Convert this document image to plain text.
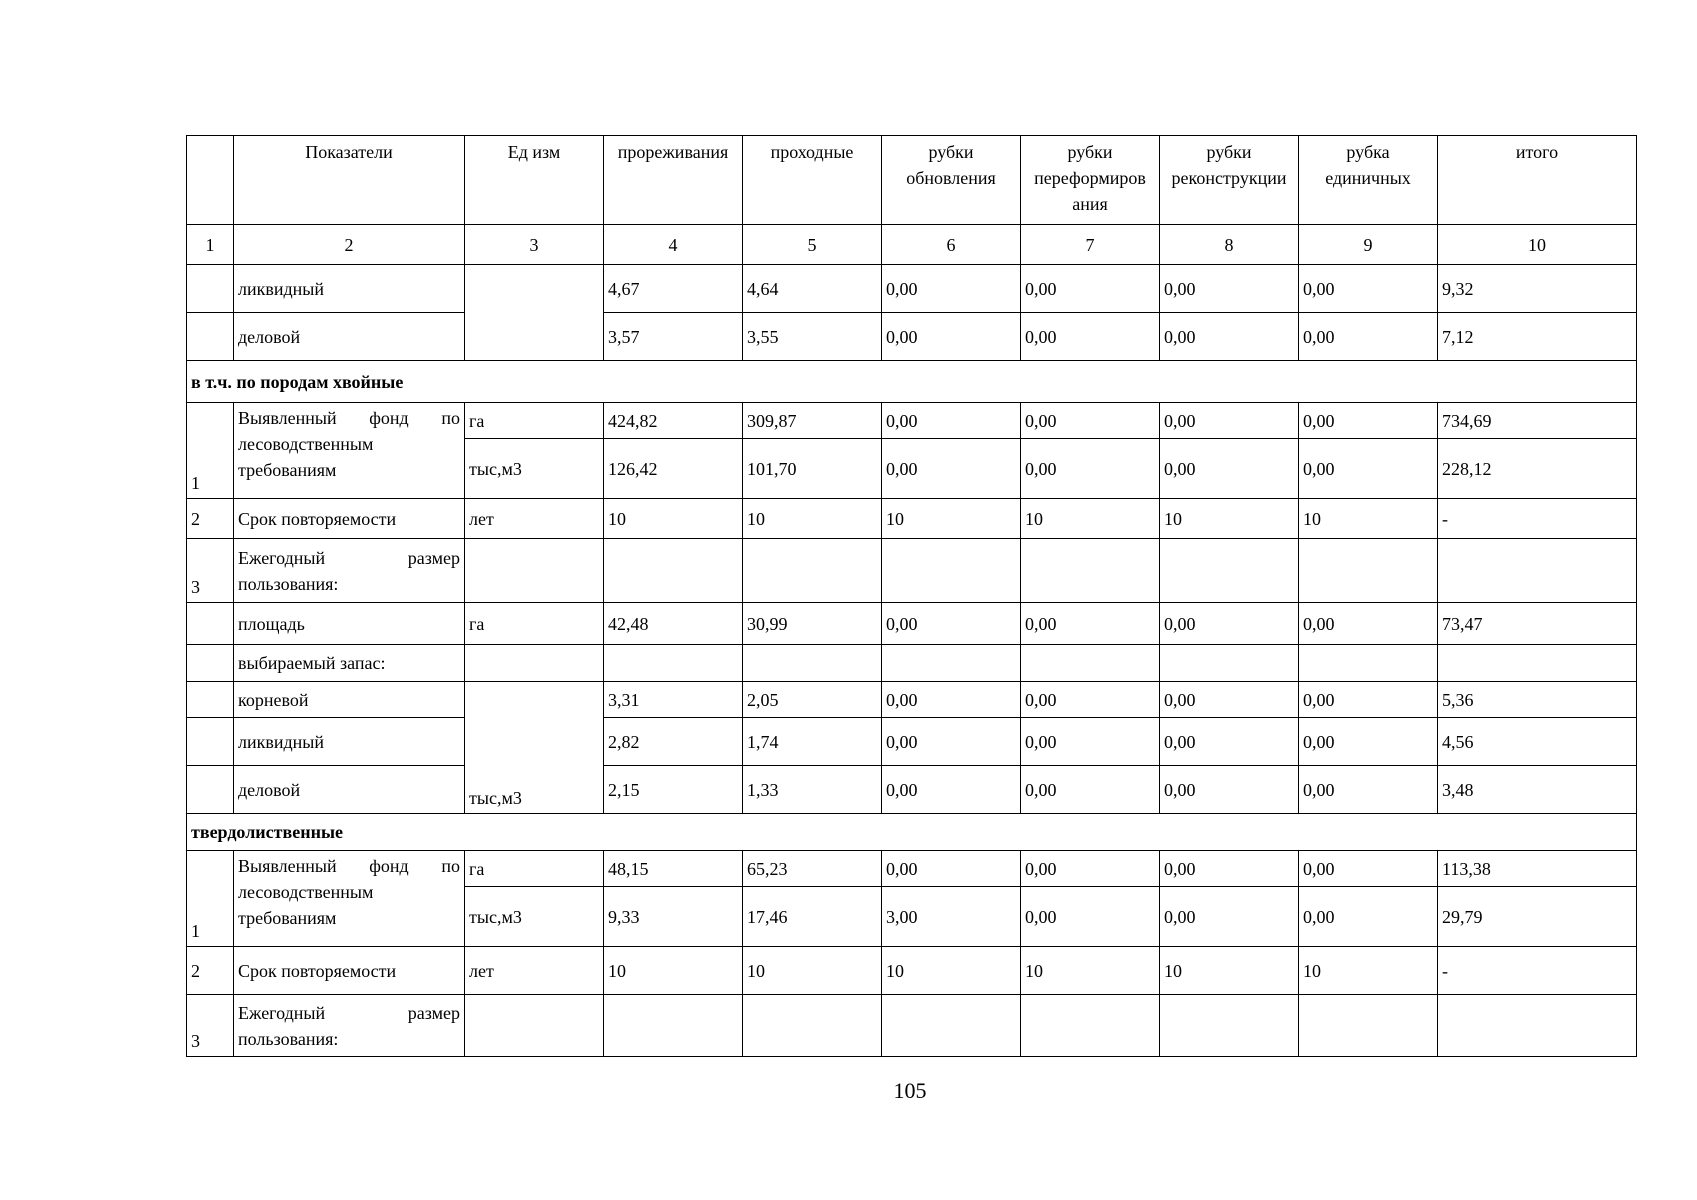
	Показатели	Ед изм	прореживания	проходные	рубки обновления	рубки переформиров ания	рубки реконструкции	рубка единичных	итого
1	2	3	4	5	6	7	8	9	10
	ликвидный		4,67	4,64	0,00	0,00	0,00	0,00	9,32
	деловой		3,57	3,55	0,00	0,00	0,00	0,00	7,12
в т.ч. по породам хвойные									
1	Выявленный фонд по лесоводственным требованиям	га	424,82	309,87	0,00	0,00	0,00	0,00	734,69
		тыс,м3	126,42	101,70	0,00	0,00	0,00	0,00	228,12
2	Срок повторяемости	лет	10	10	10	10	10	10	-
3	Ежегодный размер пользования:								
	площадь	га	42,48	30,99	0,00	0,00	0,00	0,00	73,47
	выбираемый запас:								
	корневой	тыс,м3	3,31	2,05	0,00	0,00	0,00	0,00	5,36
	ликвидный		2,82	1,74	0,00	0,00	0,00	0,00	4,56
	деловой		2,15	1,33	0,00	0,00	0,00	0,00	3,48
твердолиственные									
1	Выявленный фонд по лесоводственным требованиям	га	48,15	65,23	0,00	0,00	0,00	0,00	113,38
		тыс,м3	9,33	17,46	3,00	0,00	0,00	0,00	29,79
2	Срок повторяемости	лет	10	10	10	10	10	10	-
3	Ежегодный размер пользования:								
105
